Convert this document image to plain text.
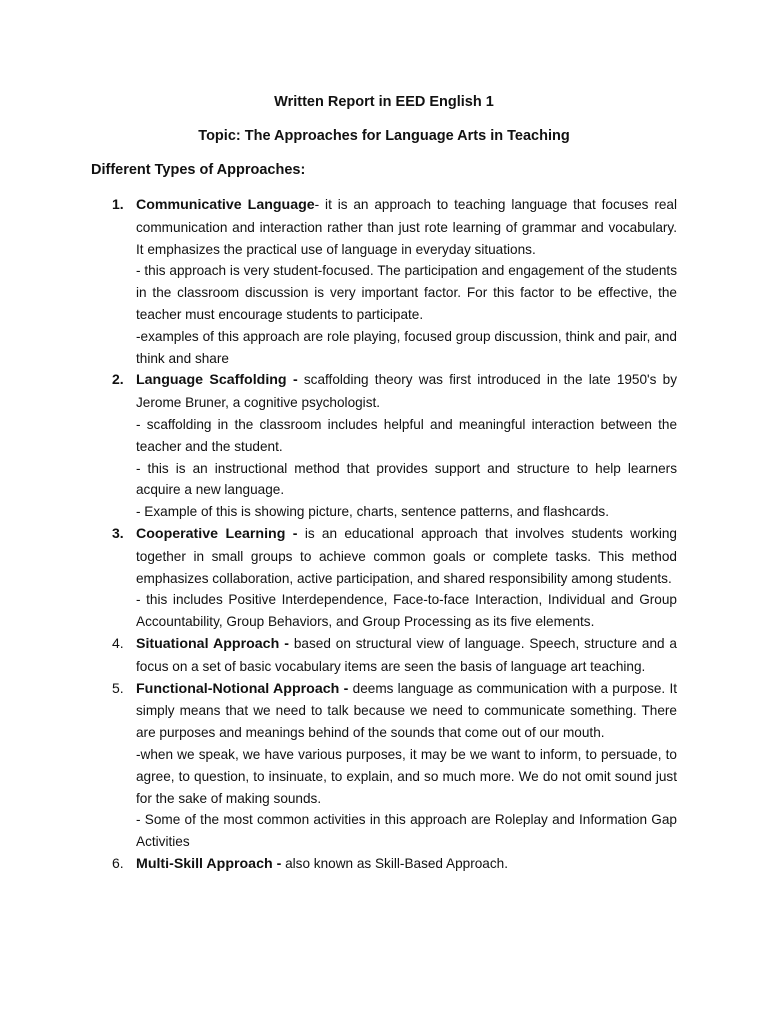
Written Report in EED English 1

Topic: The Approaches for Language Arts in Teaching

Different Types of Approaches:

1. Communicative Language- it is an approach to teaching language that focuses real communication and interaction rather than just rote learning of grammar and vocabulary. It emphasizes the practical use of language in everyday situations.
- this approach is very student-focused. The participation and engagement of the students in the classroom discussion is very important factor. For this factor to be effective, the teacher must encourage students to participate.
-examples of this approach are role playing, focused group discussion, think and pair, and think and share
2. Language Scaffolding - scaffolding theory was first introduced in the late 1950's by Jerome Bruner, a cognitive psychologist.
- scaffolding in the classroom includes helpful and meaningful interaction between the teacher and the student.
- this is an instructional method that provides support and structure to help learners acquire a new language.
- Example of this is showing picture, charts, sentence patterns, and flashcards.
3. Cooperative Learning - is an educational approach that involves students working together in small groups to achieve common goals or complete tasks. This method emphasizes collaboration, active participation, and shared responsibility among students.
- this includes Positive Interdependence, Face-to-face Interaction, Individual and Group Accountability, Group Behaviors, and Group Processing as its five elements.
4. Situational Approach - based on structural view of language. Speech, structure and a focus on a set of basic vocabulary items are seen the basis of language art teaching.
5. Functional-Notional Approach - deems language as communication with a purpose. It simply means that we need to talk because we need to communicate something. There are purposes and meanings behind of the sounds that come out of our mouth.
-when we speak, we have various purposes, it may be we want to inform, to persuade, to agree, to question, to insinuate, to explain, and so much more. We do not omit sound just for the sake of making sounds.
- Some of the most common activities in this approach are Roleplay and Information Gap Activities
6. Multi-Skill Approach - also known as Skill-Based Approach.
